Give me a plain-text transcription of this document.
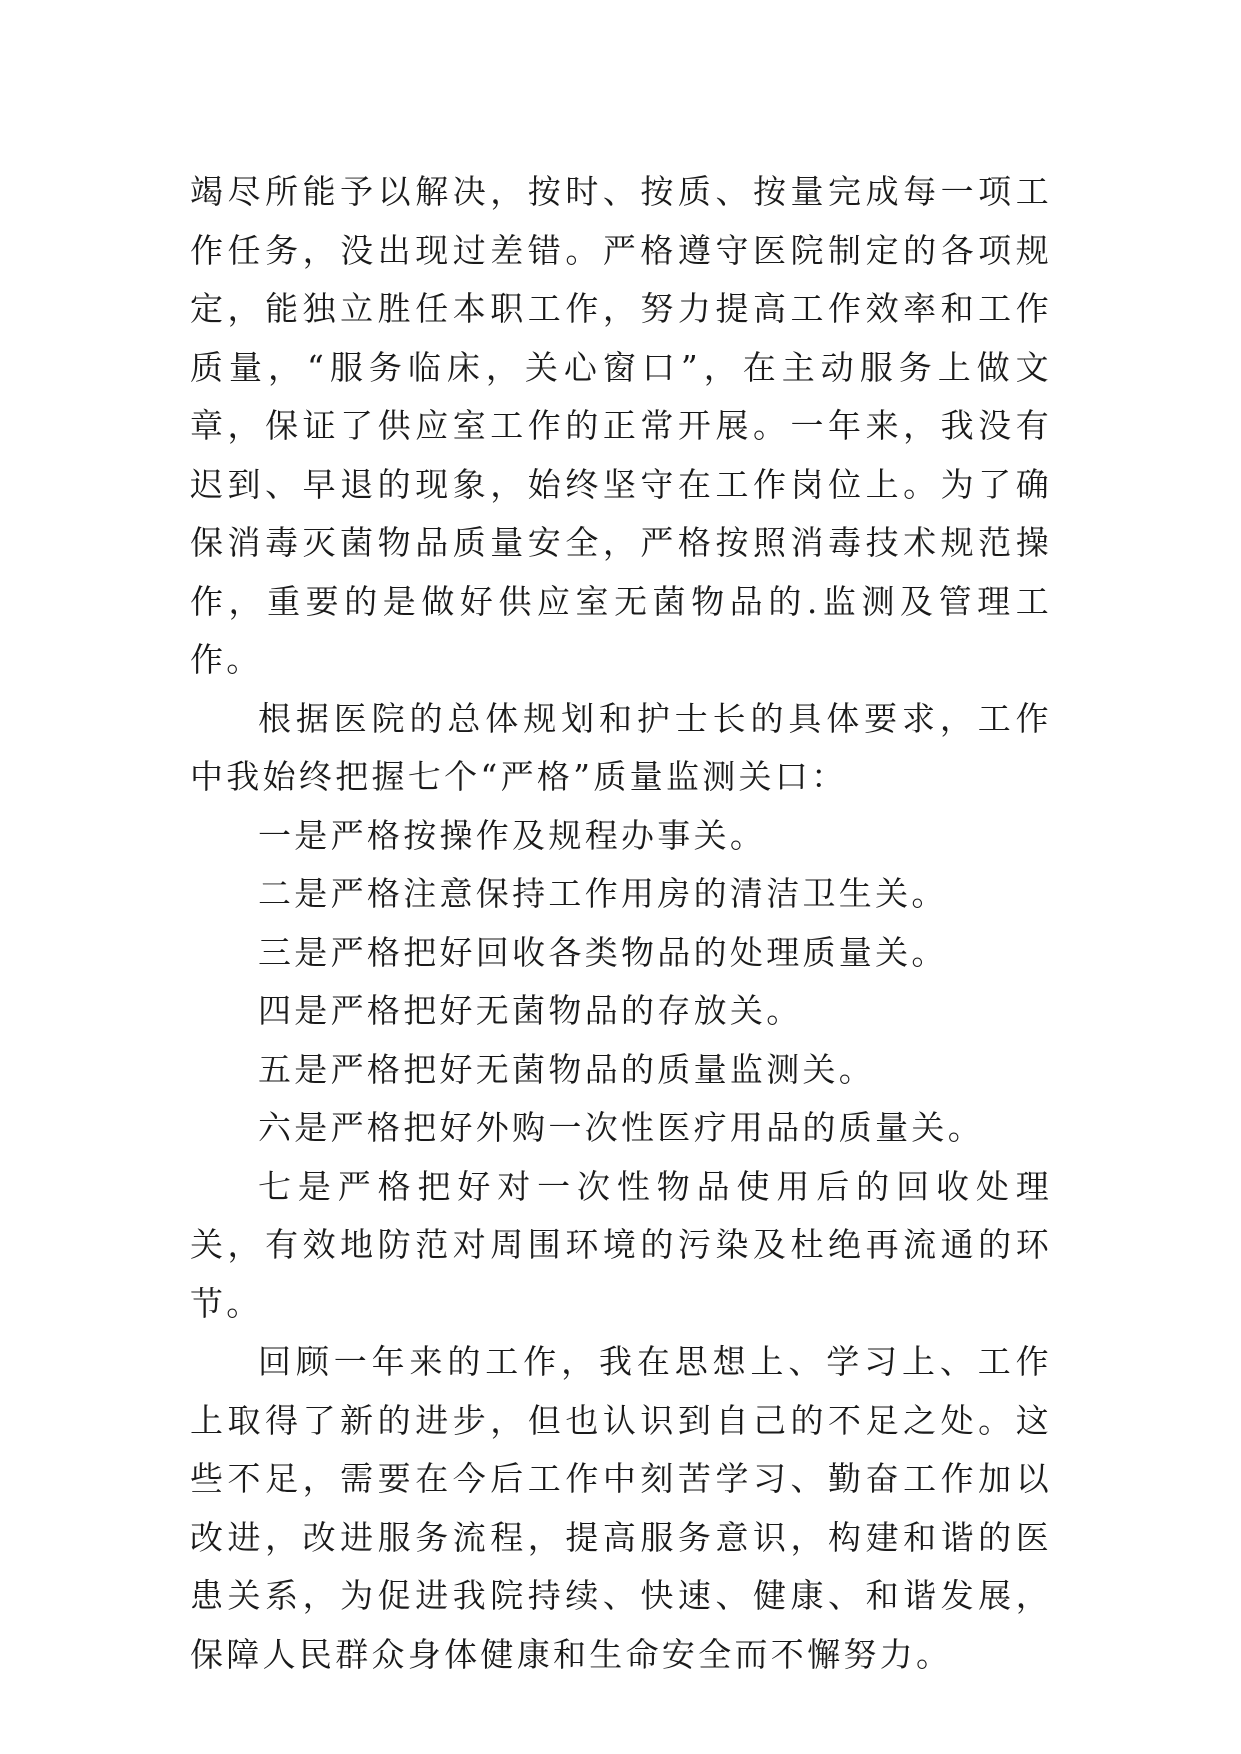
竭尽所能予以解决，按时、按质、按量完成每一项工作任务，没出现过差错。严格遵守医院制定的各项规定，能独立胜任本职工作，努力提高工作效率和工作质量，“服务临床，关心窗口”，在主动服务上做文章，保证了供应室工作的正常开展。一年来，我没有迟到、早退的现象，始终坚守在工作岗位上。为了确保消毒灭菌物品质量安全，严格按照消毒技术规范操作，重要的是做好供应室无菌物品的.监测及管理工作。

根据医院的总体规划和护士长的具体要求，工作中我始终把握七个“严格”质量监测关口：

一是严格按操作及规程办事关。

二是严格注意保持工作用房的清洁卫生关。

三是严格把好回收各类物品的处理质量关。

四是严格把好无菌物品的存放关。

五是严格把好无菌物品的质量监测关。

六是严格把好外购一次性医疗用品的质量关。

七是严格把好对一次性物品使用后的回收处理关，有效地防范对周围环境的污染及杜绝再流通的环节。

回顾一年来的工作，我在思想上、学习上、工作上取得了新的进步，但也认识到自己的不足之处。这些不足，需要在今后工作中刻苦学习、勤奋工作加以改进，改进服务流程，提高服务意识，构建和谐的医患关系，为促进我院持续、快速、健康、和谐发展，保障人民群众身体健康和生命安全而不懈努力。
